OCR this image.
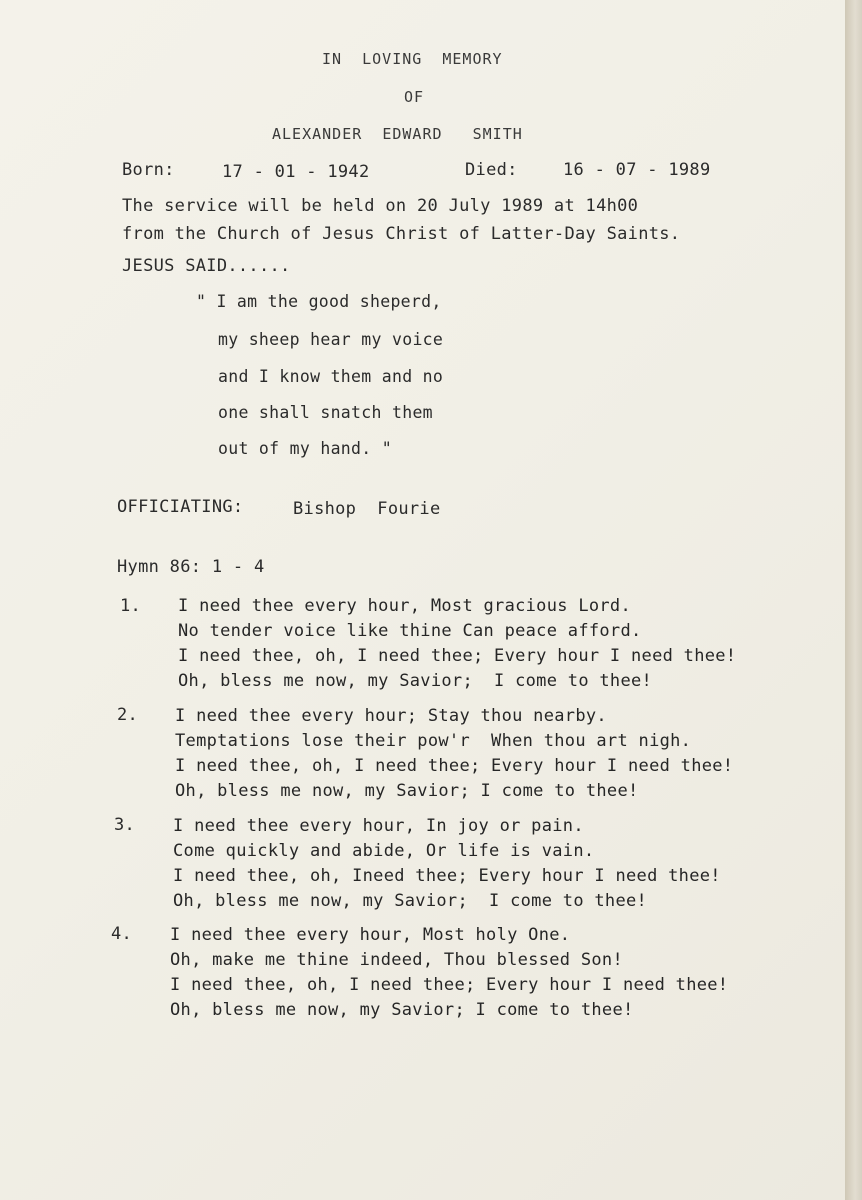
IN  LOVING  MEMORY
OF
ALEXANDER  EDWARD   SMITH
Born:	17 - 01 - 1942	Died:	16 - 07 - 1989
The service will be held on 20 July 1989 at 14h00
from the Church of Jesus Christ of Latter-Day Saints.
JESUS SAID......
" I am the good sheperd,
my sheep hear my voice
and I know them and no
one shall snatch them
out of my hand. "
OFFICIATING:	Bishop  Fourie
Hymn 86: 1 - 4
1. I need thee every hour, Most gracious Lord.
No tender voice like thine Can peace afford.
I need thee, oh, I need thee; Every hour I need thee!
Oh, bless me now, my Savior;  I come to thee!
2. I need thee every hour; Stay thou nearby.
Temptations lose their pow'r  When thou art nigh.
I need thee, oh, I need thee; Every hour I need thee!
Oh, bless me now, my Savior; I come to thee!
3. I need thee every hour, In joy or pain.
Come quickly and abide, Or life is vain.
I need thee, oh, Ineed thee; Every hour I need thee!
Oh, bless me now, my Savior;  I come to thee!
4. I need thee every hour, Most holy One.
Oh, make me thine indeed, Thou blessed Son!
I need thee, oh, I need thee; Every hour I need thee!
Oh, bless me now, my Savior; I come to thee!
